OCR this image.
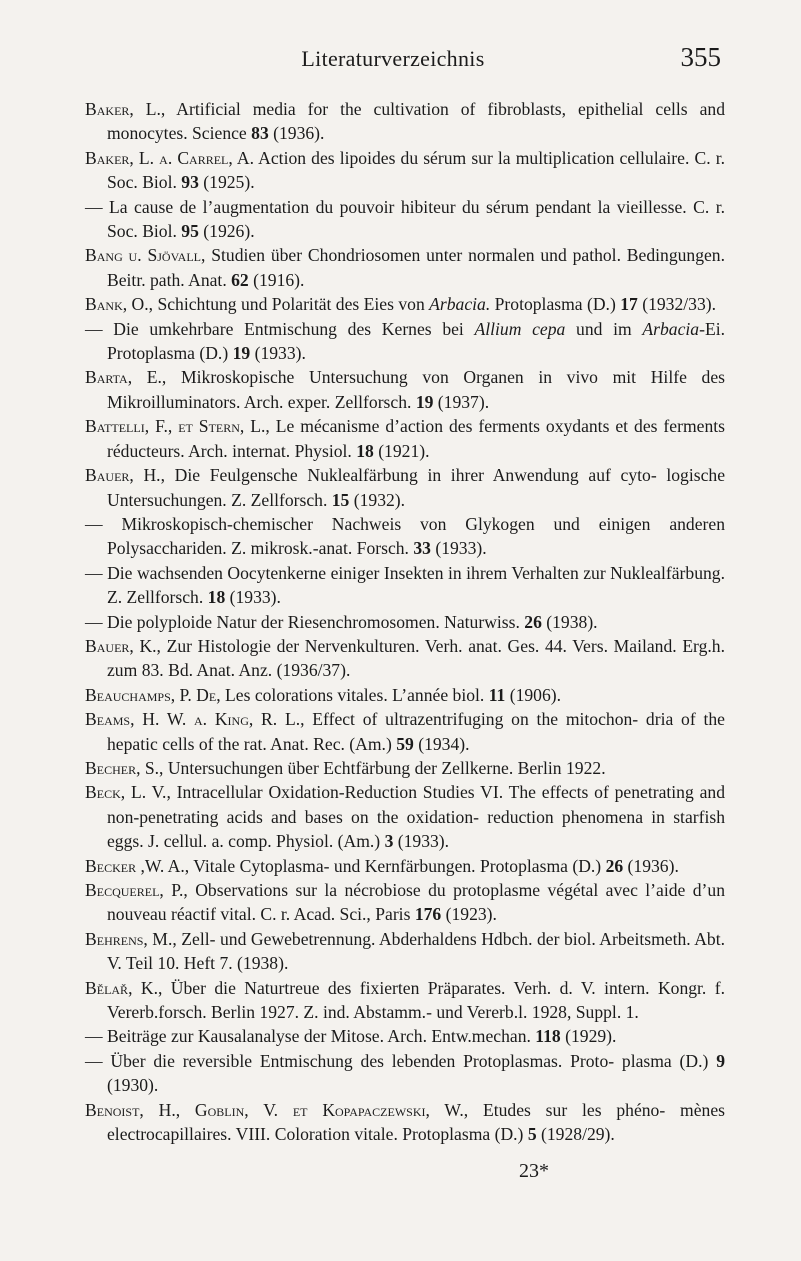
Literaturverzeichnis	355
Baker, L., Artificial media for the cultivation of fibroblasts, epithelial cells and monocytes. Science 83 (1936).
Baker, L. a. Carrel, A. Action des lipoides du sérum sur la multiplication cellulaire. C. r. Soc. Biol. 93 (1925).
— La cause de l’augmentation du pouvoir hibiteur du sérum pendant la vieillesse. C. r. Soc. Biol. 95 (1926).
Bang u. Sjövall, Studien über Chondriosomen unter normalen und pathol. Bedingungen. Beitr. path. Anat. 62 (1916).
Bank, O., Schichtung und Polarität des Eies von Arbacia. Protoplasma (D.) 17 (1932/33).
— Die umkehrbare Entmischung des Kernes bei Allium cepa und im Arbacia-Ei. Protoplasma (D.) 19 (1933).
Barta, E., Mikroskopische Untersuchung von Organen in vivo mit Hilfe des Mikroilluminators. Arch. exper. Zellforsch. 19 (1937).
Battelli, F., et Stern, L., Le mécanisme d’action des ferments oxydants et des ferments réducteurs. Arch. internat. Physiol. 18 (1921).
Bauer, H., Die Feulgensche Nuklealfärbung in ihrer Anwendung auf cyto- logische Untersuchungen. Z. Zellforsch. 15 (1932).
— Mikroskopisch-chemischer Nachweis von Glykogen und einigen anderen Polysacchariden. Z. mikrosk.-anat. Forsch. 33 (1933).
— Die wachsenden Oocytenkerne einiger Insekten in ihrem Verhalten zur Nuklealfärbung. Z. Zellforsch. 18 (1933).
— Die polyploide Natur der Riesenchromosomen. Naturwiss. 26 (1938).
Bauer, K., Zur Histologie der Nervenkulturen. Verh. anat. Ges. 44. Vers. Mailand. Erg.h. zum 83. Bd. Anat. Anz. (1936/37).
Beauchamps, P. De, Les colorations vitales. L’année biol. 11 (1906).
Beams, H. W. a. King, R. L., Effect of ultrazentrifuging on the mitochon- dria of the hepatic cells of the rat. Anat. Rec. (Am.) 59 (1934).
Becher, S., Untersuchungen über Echtfärbung der Zellkerne. Berlin 1922.
Beck, L. V., Intracellular Oxidation-Reduction Studies VI. The effects of penetrating and non-penetrating acids and bases on the oxidation- reduction phenomena in starfish eggs. J. cellul. a. comp. Physiol. (Am.) 3 (1933).
Becker ,W. A., Vitale Cytoplasma- und Kernfärbungen. Protoplasma (D.) 26 (1936).
Becquerel, P., Observations sur la nécrobiose du protoplasme végétal avec l’aide d’un nouveau réactif vital. C. r. Acad. Sci., Paris 176 (1923).
Behrens, M., Zell- und Gewebetrennung. Abderhaldens Hdbch. der biol. Arbeitsmeth. Abt. V. Teil 10. Heft 7. (1938).
Bělař, K., Über die Naturtreue des fixierten Präparates. Verh. d. V. intern. Kongr. f. Vererb.forsch. Berlin 1927. Z. ind. Abstamm.- und Vererb.l. 1928, Suppl. 1.
— Beiträge zur Kausalanalyse der Mitose. Arch. Entw.mechan. 118 (1929).
— Über die reversible Entmischung des lebenden Protoplasmas. Proto- plasma (D.) 9 (1930).
Benoist, H., Goblin, V. et Kopapaczewski, W., Etudes sur les phéno- mènes electrocapillaires. VIII. Coloration vitale. Protoplasma (D.) 5 (1928/29).
23*
